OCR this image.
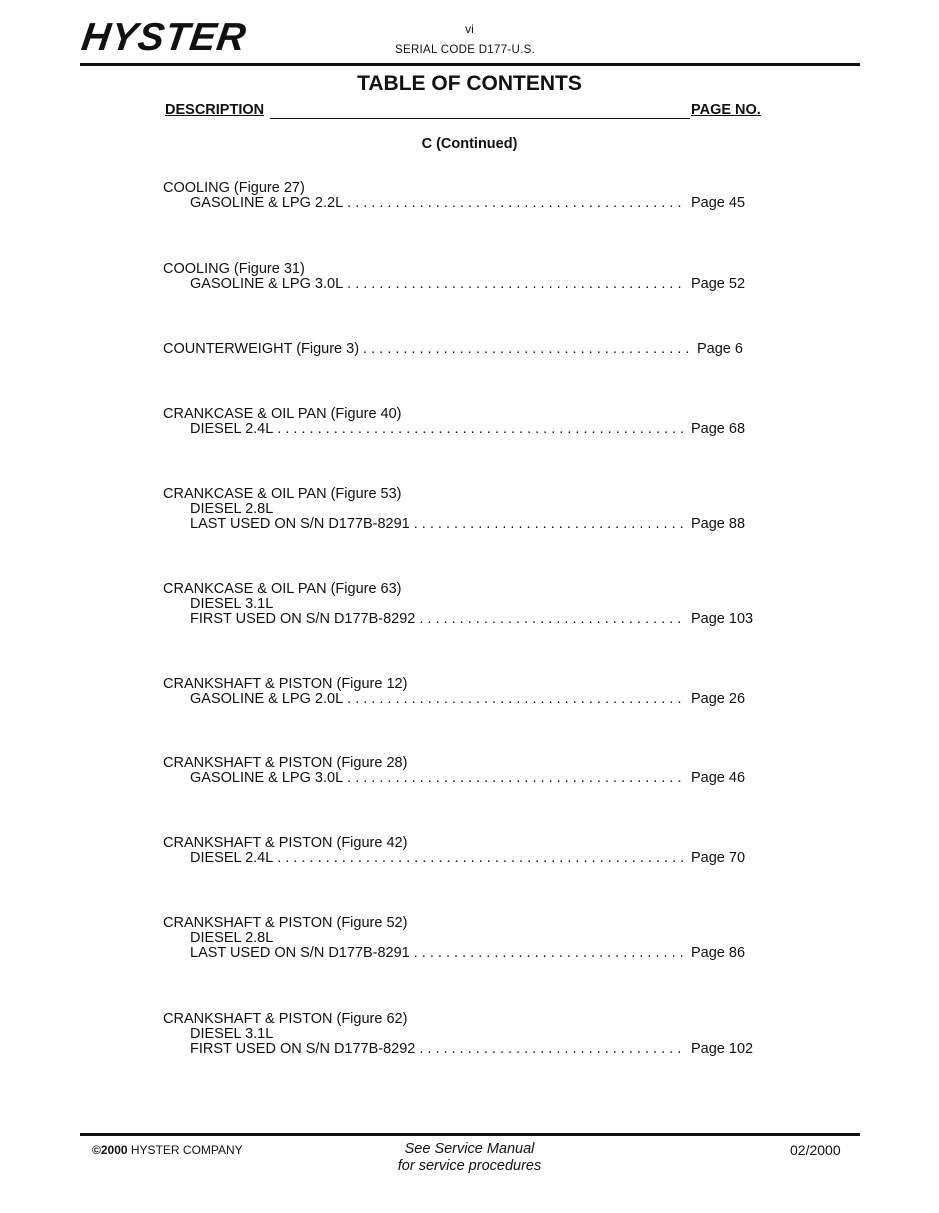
HYSTER	vi
SERIAL CODE D177-U.S.
TABLE OF CONTENTS
DESCRIPTION	PAGE NO.
C (Continued)
COOLING (Figure 27)
GASOLINE & LPG 2.2L . . .	Page 45
COOLING (Figure 31)
GASOLINE & LPG 3.0L . . .	Page 52
COUNTERWEIGHT (Figure 3) . . .	Page 6
CRANKCASE & OIL PAN (Figure 40)
DIESEL 2.4L . . .	Page 68
CRANKCASE & OIL PAN (Figure 53)
DIESEL 2.8L
LAST USED ON S/N D177B-8291 . . .	Page 88
CRANKCASE & OIL PAN (Figure 63)
DIESEL 3.1L
FIRST USED ON S/N D177B-8292 . . .	Page 103
CRANKSHAFT & PISTON (Figure 12)
GASOLINE & LPG 2.0L . . .	Page 26
CRANKSHAFT & PISTON (Figure 28)
GASOLINE & LPG 3.0L . . .	Page 46
CRANKSHAFT & PISTON (Figure 42)
DIESEL 2.4L . . .	Page 70
CRANKSHAFT & PISTON (Figure 52)
DIESEL 2.8L
LAST USED ON S/N D177B-8291 . . .	Page 86
CRANKSHAFT & PISTON (Figure 62)
DIESEL 3.1L
FIRST USED ON S/N D177B-8292 . . .	Page 102
©2000 HYSTER COMPANY	See Service Manual
for service procedures
02/2000
